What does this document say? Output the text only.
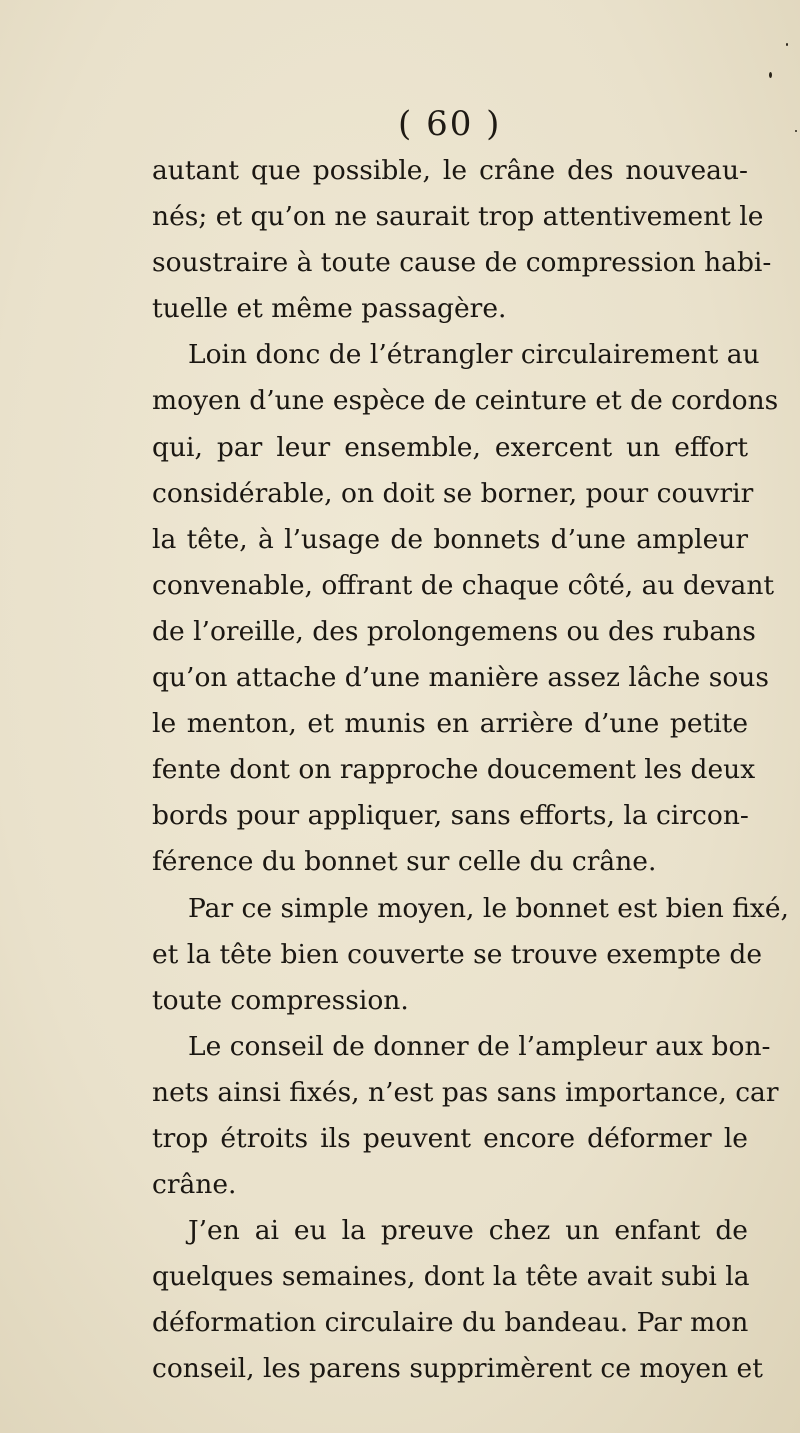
( 60 )
autant que possible, le crâne des nouveau-
nés; et qu’on ne saurait trop attentivement le
soustraire à toute cause de compression habi-
tuelle et même passagère.
Loin donc de l’étrangler circulairement au
moyen d’une espèce de ceinture et de cordons
qui, par leur ensemble, exercent un effort
considérable, on doit se borner, pour couvrir
la tête, à l’usage de bonnets d’une ampleur
convenable, offrant de chaque côté, au devant
de l’oreille, des prolongemens ou des rubans
qu’on attache d’une manière assez lâche sous
le menton, et munis en arrière d’une petite
fente dont on rapproche doucement les deux
bords pour appliquer, sans efforts, la circon-
férence du bonnet sur celle du crâne.
Par ce simple moyen, le bonnet est bien fixé,
et la tête bien couverte se trouve exempte de
toute compression.
Le conseil de donner de l’ampleur aux bon-
nets ainsi fixés, n’est pas sans importance, car
trop étroits ils peuvent encore déformer le
crâne.
J’en ai eu la preuve chez un enfant de
quelques semaines, dont la tête avait subi la
déformation circulaire du bandeau. Par mon
conseil, les parens supprimèrent ce moyen et
